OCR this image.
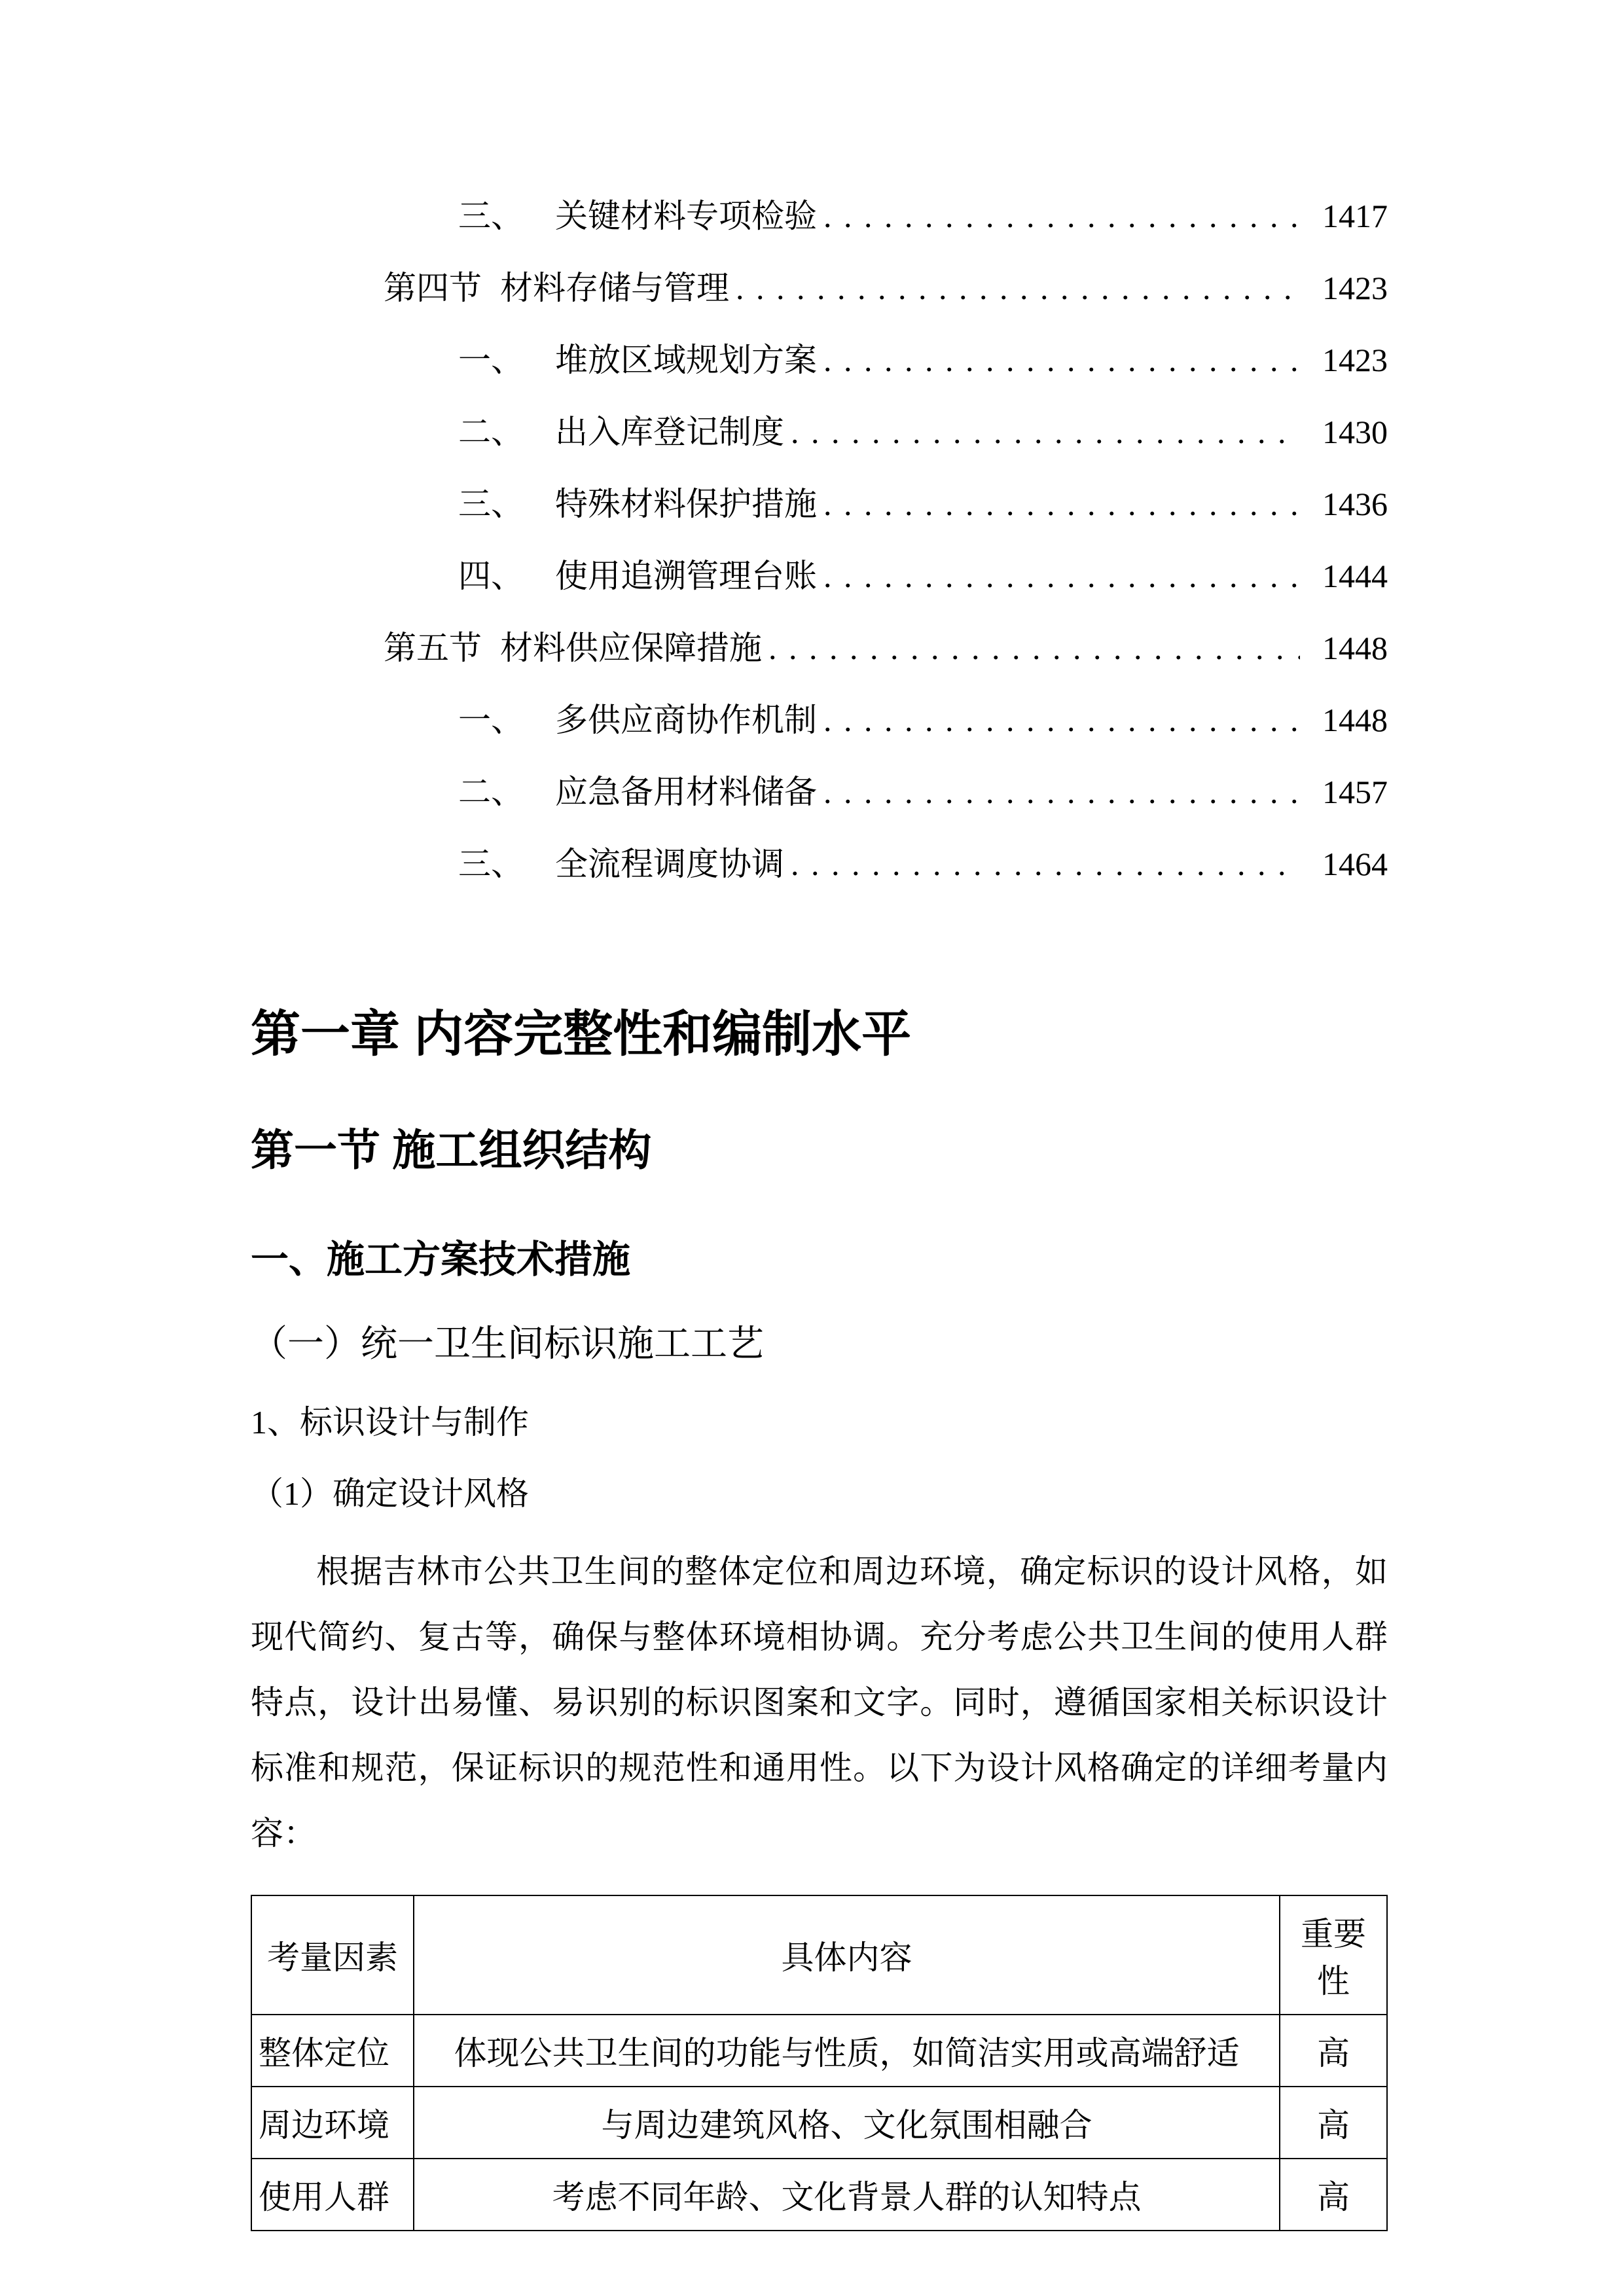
三、 关键材料专项检验 . . .	1417
第四节 材料存储与管理 . . .	1423
一、 堆放区域规划方案 . . .	1423
二、 出入库登记制度 . . .	1430
三、 特殊材料保护措施 . . .	1436
四、 使用追溯管理台账 . . .	1444
第五节 材料供应保障措施 . . .	1448
一、 多供应商协作机制 . . .	1448
二、 应急备用材料储备 . . .	1457
三、 全流程调度协调 . . .	1464
第一章 内容完整性和编制水平
第一节 施工组织结构
一、施工方案技术措施
（一）统一卫生间标识施工工艺
1、标识设计与制作
（1）确定设计风格

根据吉林市公共卫生间的整体定位和周边环境，确定标识的设计风格，如现代简约、复古等，确保与整体环境相协调。充分考虑公共卫生间的使用人群特点，设计出易懂、易识别的标识图案和文字。同时，遵循国家相关标识设计标准和规范，保证标识的规范性和通用性。以下为设计风格确定的详细考量内容：

考量因素	具体内容	重要性
整体定位	体现公共卫生间的功能与性质，如简洁实用或高端舒适	高
周边环境	与周边建筑风格、文化氛围相融合	高
使用人群	考虑不同年龄、文化背景人群的认知特点	高
